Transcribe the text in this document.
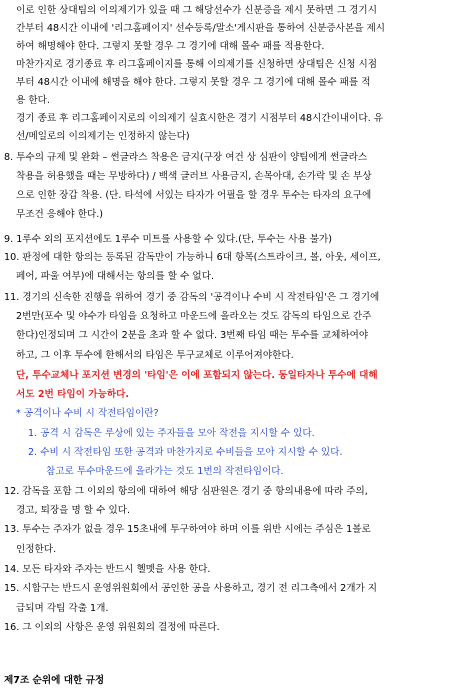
이로 인한 상대팀의 이의제기가 있을 때 그 해당선수가 신분증을 제시 못하면 그 경기시
간부터 48시간 이내에 '리그홈페이지' 선수등록/말소'게시판을 통하여 신분증사본을 제시
하여 해명해야 한다. 그렇지 못할 경우 그 경기에 대해 몰수 패를 적용한다.
마찬가지로 경기종료 후 리그홈페이지를 통해 이의제기를 신청하면 상대팀은 신청 시점
부터 48시간 이내에 해명을 해야 한다. 그렇지 못할 경우 그 경기에 대해 몰수 패를 적
용 한다.
경기 종료 후 리그홈페이지로의 이의제기 실효시한은 경기 시점부터 48시간이내이다. 유
선/메일로의 이의제기는 인정하지 않는다)
8. 투수의 규제 및 완화 – 썬글라스 착용은 금지(구장 여건 상 심판이 양팀에게 썬글라스
착용을 허용했을 때는 무방하다) / 백색 글러브 사용금지, 손목아대, 손가락 및 손 부상
으로 인한 장갑 착용. (단. 타석에 서있는 타자가 어필을 할 경우 투수는 타자의 요구에
무조건 응해야 한다.)
9. 1루수 외의 포지션에도 1루수 미트를 사용할 수 있다.(단, 투수는 사용 불가)
10. 판정에 대한 항의는 등록된 감독만이 가능하니 6대 항목(스트라이크, 볼, 아웃, 세이프,
페어, 파울 여부)에 대해서는 항의를 할 수 없다.
11. 경기의 신속한 진행을 위하여 경기 중 감독의 '공격이나 수비 시 작전타임'은 그 경기에
2번만(포수 및 야수가 타임을 요청하고 마운드에 올라오는 것도 감독의 타임으로 간주
한다)인정되며 그 시간이 2분을 초과 할 수 없다. 3번째 타임 때는 투수를 교체하여야
하고, 그 이후 투수에 한해서의 타임은 투구교체로 이루어져야한다.
단, 투수교체나 포지션 변경의 '타임'은 이에 포함되지 않는다. 동일타자나 투수에 대해
서도 2번 타임이 가능하다.
* 공격이나 수비 시 작전타임이란?
1. 공격 시 감독은 루상에 있는 주자들을 모아 작전을 지시할 수 있다.
2. 수비 시 작전타임 또한 공격과 마찬가지로 수비들을 모아 지시할 수 있다.
참고로 투수마운드에 올라가는 것도 1번의 작전타임이다.
12. 감독을 포함 그 이외의 항의에 대하여 해당 심판원은 경기 중 항의내용에 따라 주의,
경고, 퇴장을 명 할 수 있다.
13. 투수는 주자가 없을 경우 15초내에 투구하여야 하며 이를 위반 시에는 주심은 1볼로
인정한다.
14. 모든 타자와 주자는 반드시 헬멧을 사용 한다.
15. 시합구는 반드시 운영위원회에서 공인한 공을 사용하고, 경기 전 리그측에서 2개가 지
급되며 각팀 각출 1개.
16. 그 이외의 사항은 운영 위원회의 결정에 따른다.
제7조 순위에 대한 규정
